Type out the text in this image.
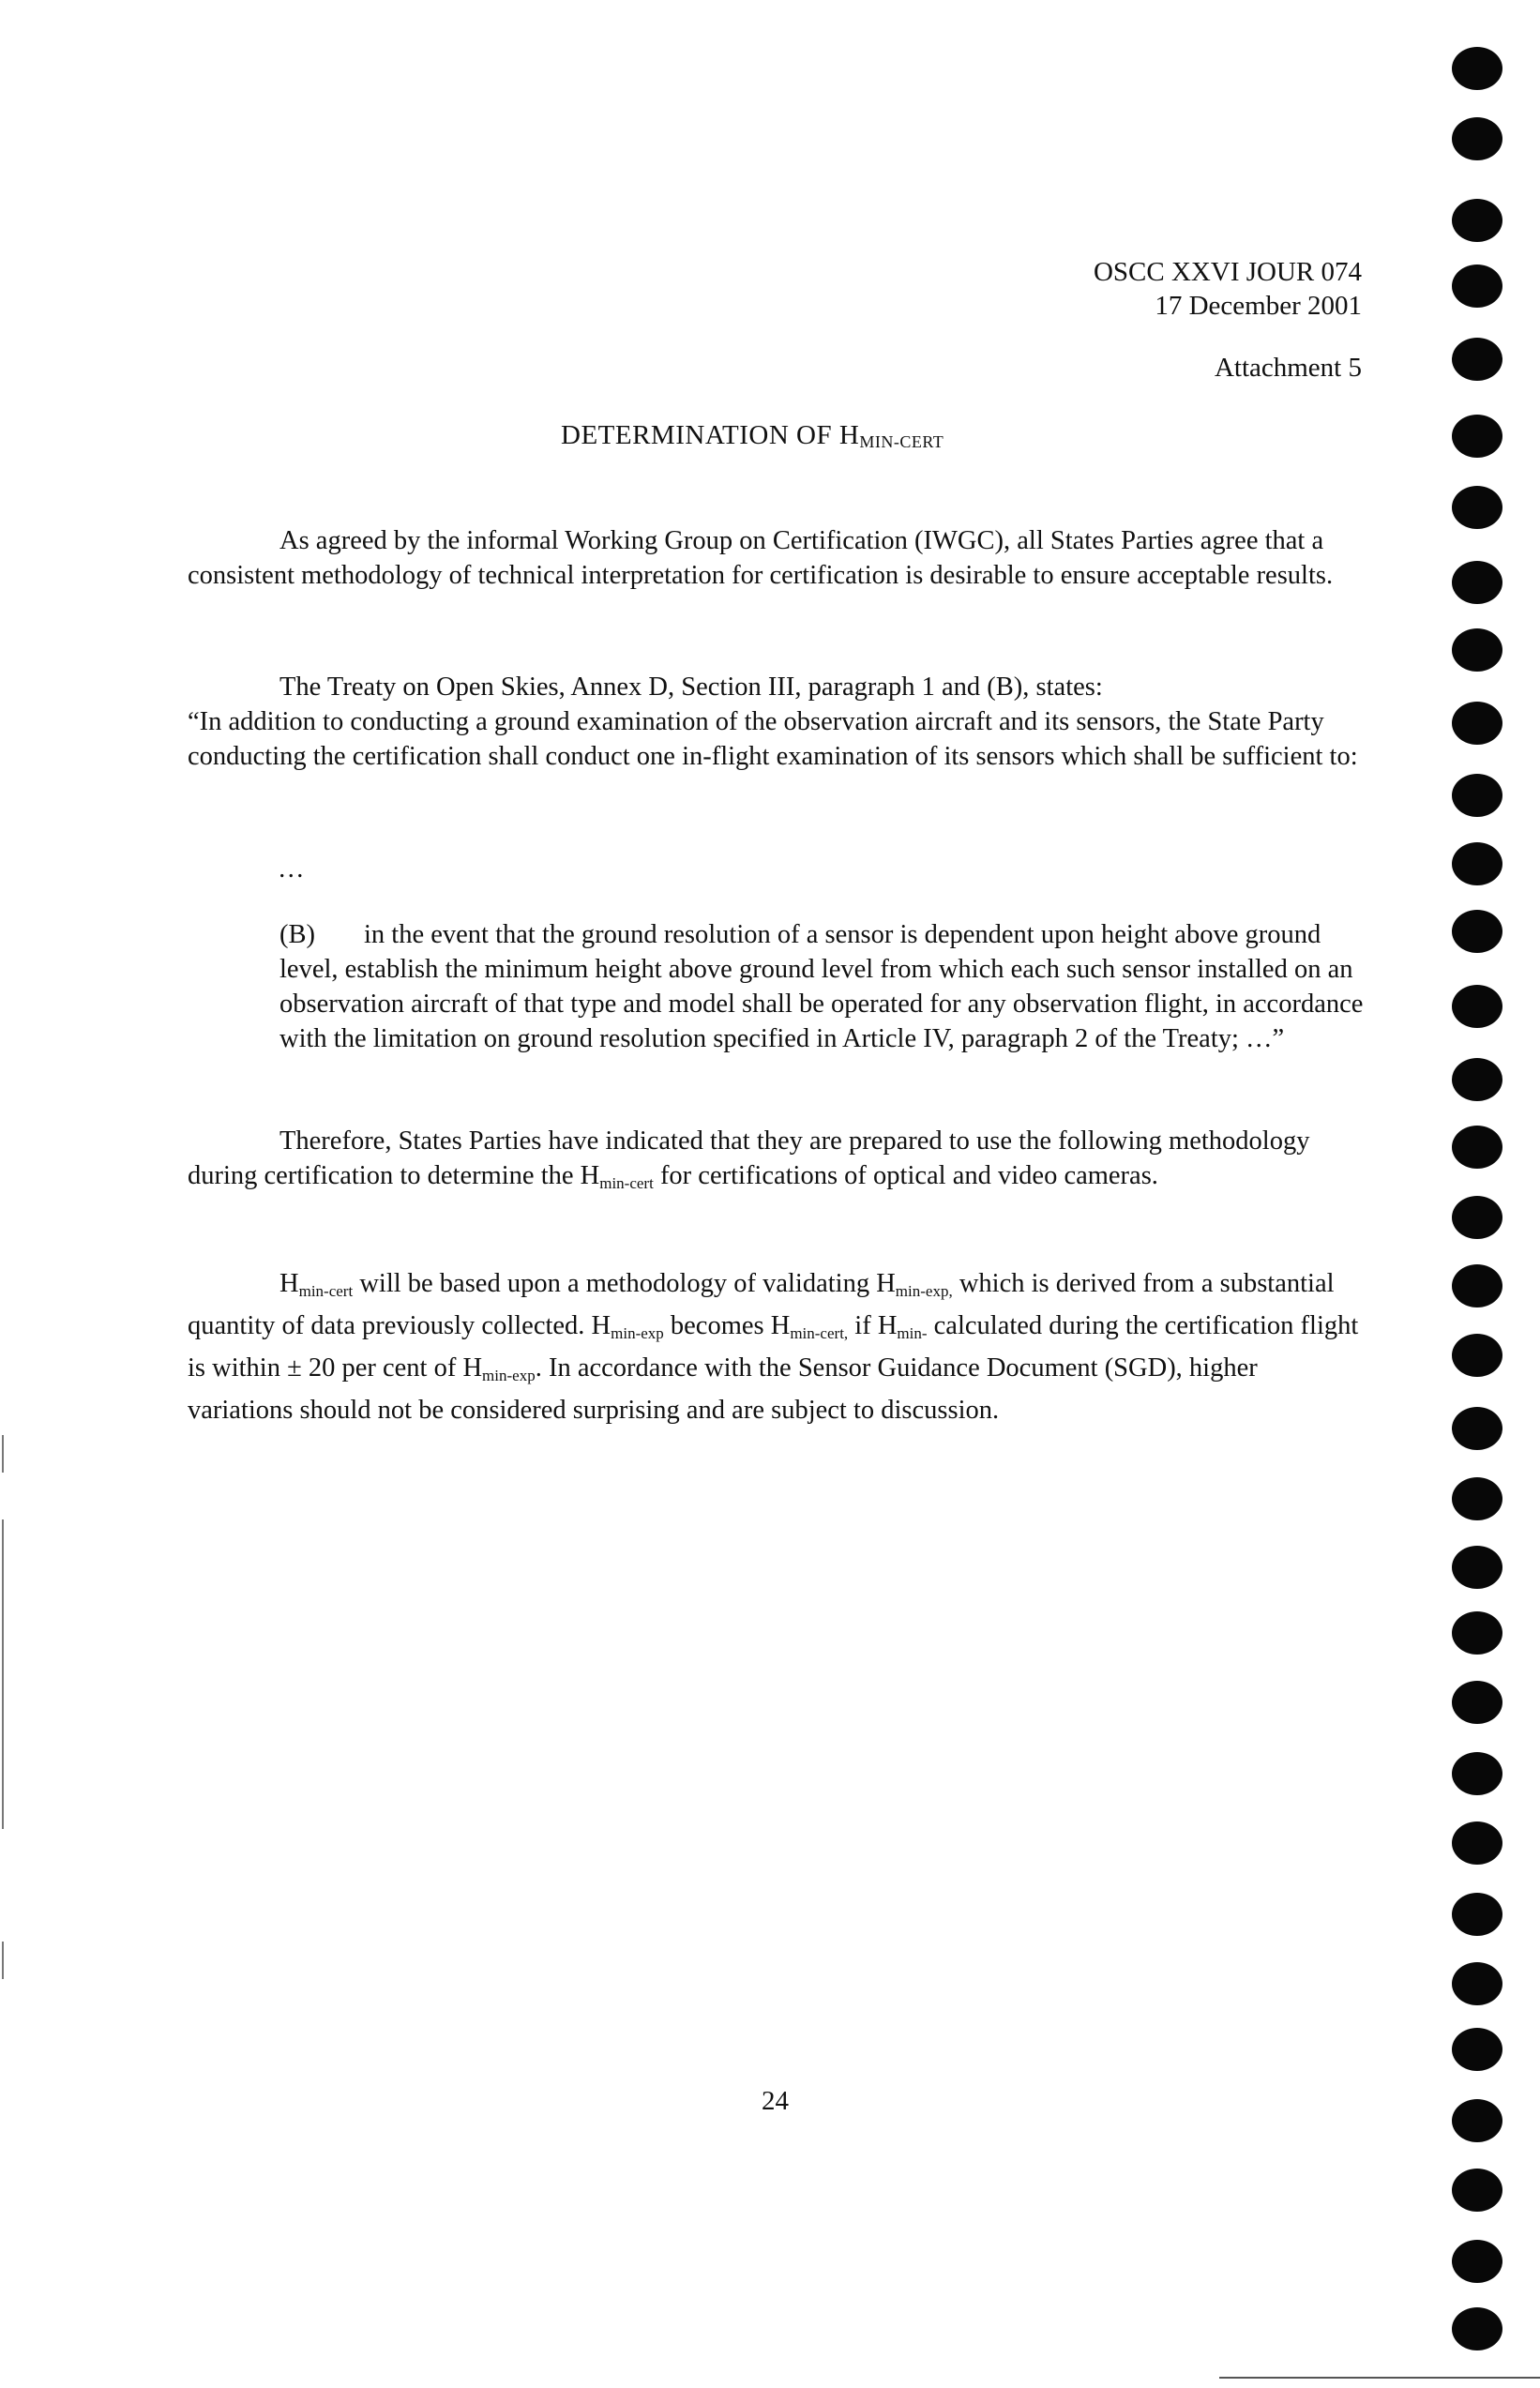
OSCC XXVI JOUR 074
17 December 2001
Attachment 5
DETERMINATION OF $H_{MIN-CERT}$
As agreed by the informal Working Group on Certification (IWGC), all States Parties agree that a consistent methodology of technical interpretation for certification is desirable to ensure acceptable results.
The Treaty on Open Skies, Annex D, Section III, paragraph 1 and (B), states:
“In addition to conducting a ground examination of the observation aircraft and its sensors, the State Party conducting the certification shall conduct one in-flight examination of its sensors which shall be sufficient to:
…
(B) in the event that the ground resolution of a sensor is dependent upon height above ground level, establish the minimum height above ground level from which each such sensor installed on an observation aircraft of that type and model shall be operated for any observation flight, in accordance with the limitation on ground resolution specified in Article IV, paragraph 2 of the Treaty; …”
Therefore, States Parties have indicated that they are prepared to use the following methodology during certification to determine the $H_{min-cert}$ for certifications of optical and video cameras.
$H_{min-cert}$ will be based upon a methodology of validating $H_{min-exp,}$ which is derived from a substantial quantity of data previously collected. $H_{min-exp}$ becomes $H_{min-cert,}$ if $H_{min-}$ calculated during the certification flight is within ± 20 per cent of $H_{min-exp}$. In accordance with the Sensor Guidance Document (SGD), higher variations should not be considered surprising and are subject to discussion.
24
